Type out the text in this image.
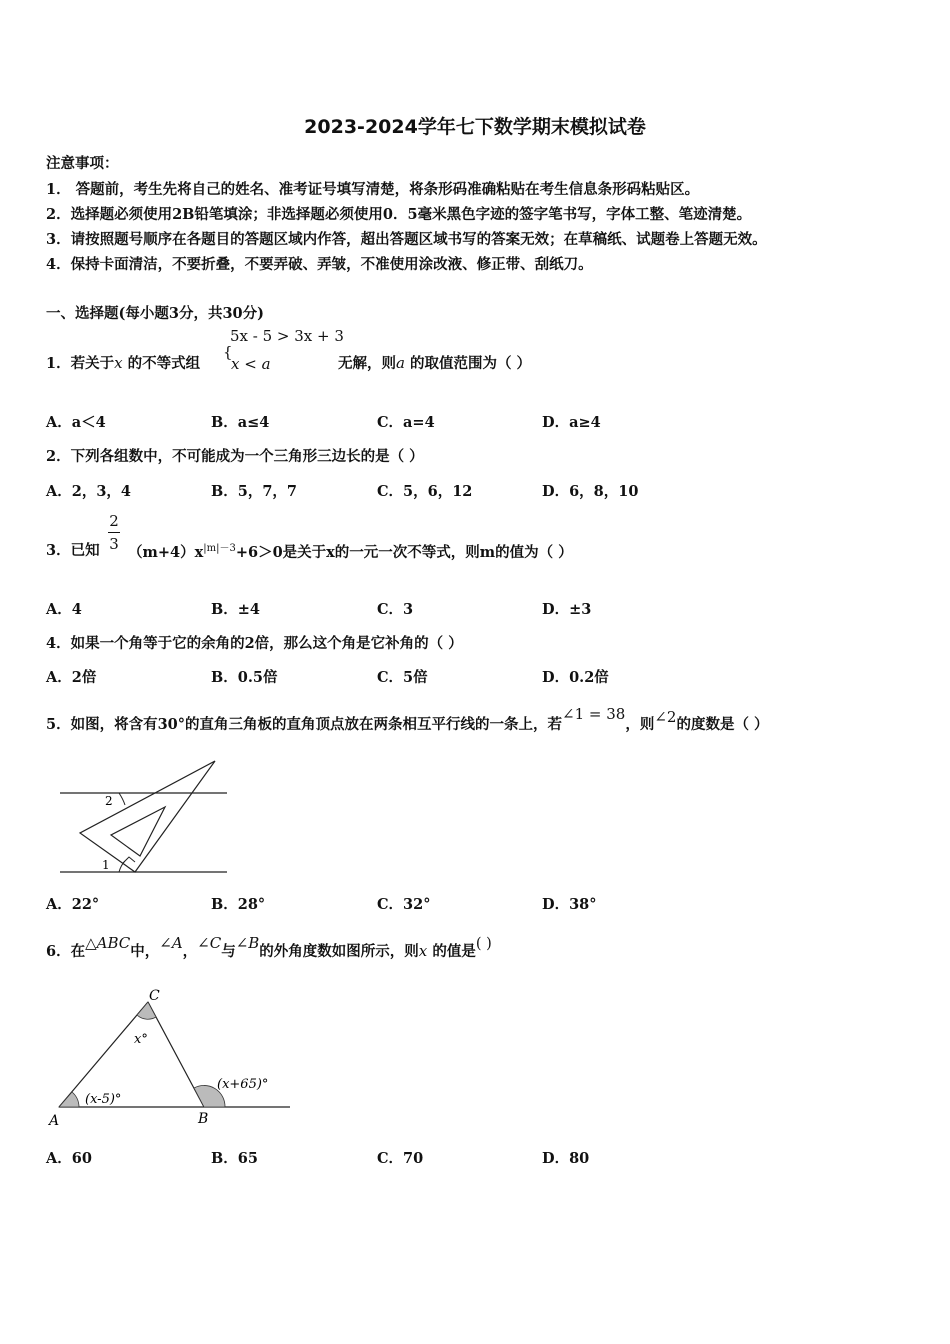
2023-2024学年七下数学期末模拟试卷
注意事项：
1． 答题前，考生先将自己的姓名、准考证号填写清楚，将条形码准确粘贴在考生信息条形码粘贴区。
2．选择题必须使用2B铅笔填涂；非选择题必须使用0．5毫米黑色字迹的签字笔书写，字体工整、笔迹清楚。
3．请按照题号顺序在各题目的答题区域内作答，超出答题区域书写的答案无效；在草稿纸、试题卷上答题无效。
4．保持卡面清洁，不要折叠，不要弄破、弄皱，不准使用涂改液、修正带、刮纸刀。
一、选择题(每小题3分，共30分)
1．若关于x 的不等式组
{
5x - 5 > 3x + 3
x < a	无解，则a 的取值范围为（ ）
A．a＜4	B．a≤4	C．a=4	D．a≥4
2．下列各组数中，不可能成为一个三角形三边长的是（ ）
A．2，3，4	B．5，7，7	C．5，6，12	D．6，8，10
3．已知
2
3 $(m+4)x^{|m|-3}+6>0$是关于x的一元一次不等式，则m的值为（ ）
A．4	B．±4	C．3	D．±3
4．如果一个角等于它的余角的2倍，那么这个角是它补角的（ ）
A．2倍	B．0.5倍	C．5倍	D．0.2倍
5．如图，将含有30°的直角三角板的直角顶点放在两条相互平行线的一条上，若∠1 = 38，则∠2的度数是（ ）
2
1
A．22°	B．28°	C．32°	D．38°
6．在△ABC中，∠A，∠C与∠B的外角度数如图所示，则x 的值是( )
C
A	B
x°
(x-5)°
(x+65)°
A．60	B．65	C．70	D．80
